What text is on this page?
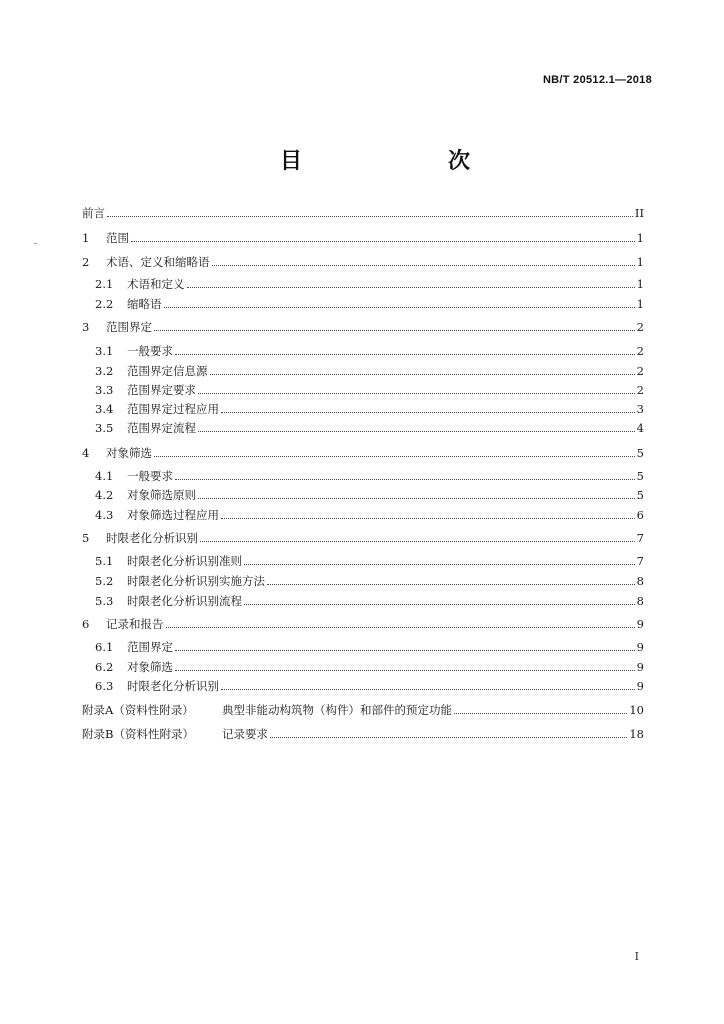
NB/T 20512.1—2018
目　　次
前言	II
1	范围	1
2	术语、定义和缩略语	1
2.1	术语和定义	1
2.2	缩略语	1
3	范围界定	2
3.1	一般要求	2
3.2	范围界定信息源	2
3.3	范围界定要求	2
3.4	范围界定过程应用	3
3.5	范围界定流程	4
4	对象筛选	5
4.1	一般要求	5
4.2	对象筛选原则	5
4.3	对象筛选过程应用	6
5	时限老化分析识别	7
5.1	时限老化分析识别准则	7
5.2	时限老化分析识别实施方法	8
5.3	时限老化分析识别流程	8
6	记录和报告	9
6.1	范围界定	9
6.2	对象筛选	9
6.3	时限老化分析识别	9
附录A（资料性附录）	典型非能动构筑物（构件）和部件的预定功能	10
附录B（资料性附录）	记录要求	18
I
